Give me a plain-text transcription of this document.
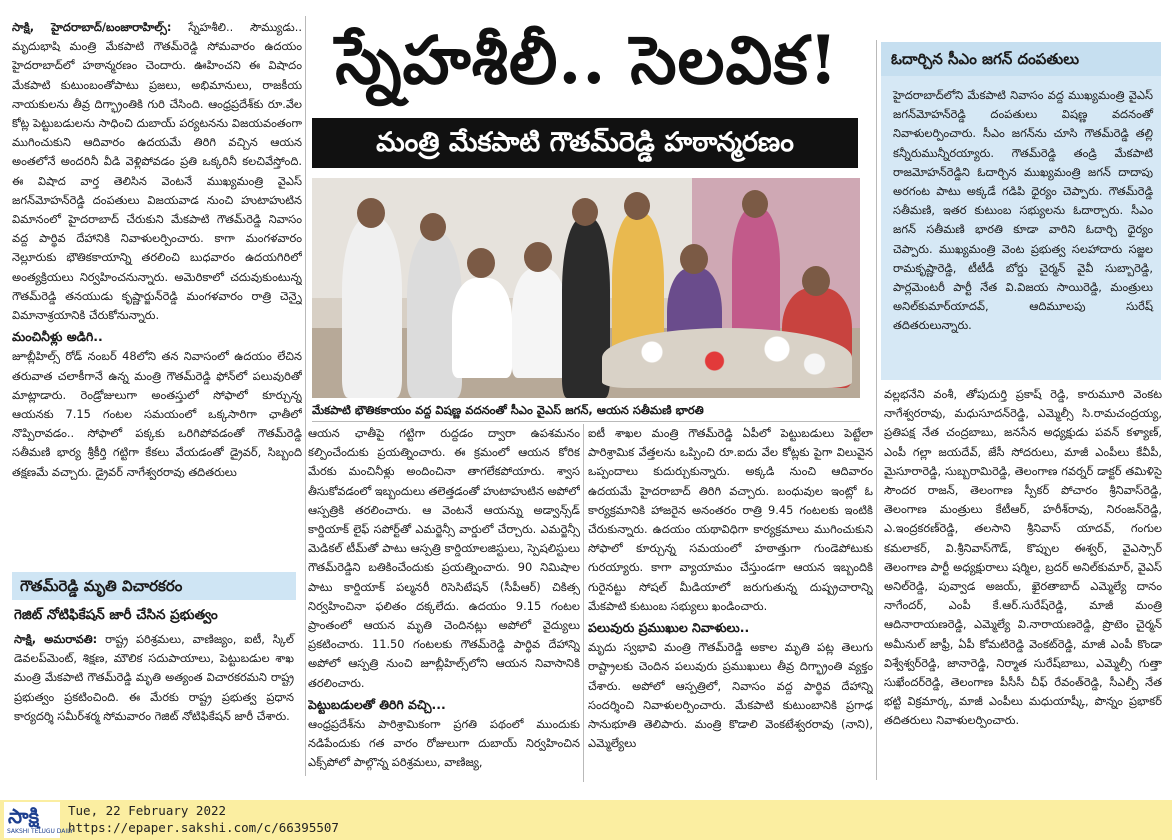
సాక్షి, హైదరాబాద్/బంజారాహిల్స్: స్నేహశీలి.. సౌమ్యుడు.. మృదుభాషి మంత్రి మేకపాటి గౌతమ్‌రెడ్డి సోమవారం ఉదయం హైదరాబాద్‌లో హఠాన్మరణం చెందారు. ఊహించని ఈ విషాదం మేకపాటి కుటుంబంతోపాటు ప్రజలు, అభిమానులు, రాజకీయ నాయకులను తీవ్ర దిగ్భ్రాంతికి గురి చేసింది. ఆంధ్రప్రదేశ్‌కు రూ.వేల కోట్ల పెట్టుబడులను సాధించి దుబాయ్ పర్యటనను విజయవంతంగా ముగించుకుని ఆదివారం ఉదయమే తిరిగి వచ్చిన ఆయన అంతలోనే అందరినీ వీడి వెళ్లిపోవడం ప్రతి ఒక్కరినీ కలచివేస్తోంది. ఈ విషాద వార్త తెలిసిన వెంటనే ముఖ్యమంత్రి వైఎస్ జగన్‌మోహన్‌రెడ్డి దంపతులు విజయవాడ నుంచి హుటాహుటిన విమానంలో హైదరాబాద్ చేరుకుని మేకపాటి గౌతమ్‌రెడ్డి నివాసం వద్ద పార్థివ దేహానికి నివాళులర్పించారు. కాగా మంగళవారం నెల్లూరుకు భౌతికకాయాన్ని తరలించి బుధవారం ఉదయగిరిలో అంత్యక్రియలు నిర్వహించనున్నారు. అమెరికాలో చదువుకుంటున్న గౌతమ్‌రెడ్డి తనయుడు కృష్ణార్జున్‌రెడ్డి మంగళవారం రాత్రి చెన్నై విమానాశ్రయానికి చేరుకోనున్నారు.

మంచినీళ్లు అడిగి..

జూబ్లీహిల్స్ రోడ్ నంబర్ 48లోని తన నివాసంలో ఉదయం లేచిన తరువాత చలాకీగానే ఉన్న మంత్రి గౌతమ్‌రెడ్డి ఫోన్‌లో పలువురితో మాట్లాడారు. రెండ్రోజులుగా అంతస్తులో సోఫాలో కూర్చున్న ఆయనకు 7.15 గంటల సమయంలో ఒక్కసారిగా ఛాతీలో నొప్పిరావడం.. సోఫాలో పక్కకు ఒరిగిపోవడంతో గౌతమ్‌రెడ్డి సతీమణి భార్య శ్రీకీర్తి గట్టిగా కేకలు వేయడంతో డ్రైవర్, సిబ్బంది తక్షణమే వచ్చారు. డ్రైవర్ నాగేశ్వరరావు తదితరులు

గౌతమ్‌రెడ్డి మృతి విచారకరం
గెజిట్ నోటిఫికేషన్ జారీ చేసిన ప్రభుత్వం
సాక్షి, అమరావతి: రాష్ట్ర పరిశ్రమలు, వాణిజ్యం, ఐటీ, స్కిల్ డెవలప్‌మెంట్, శిక్షణ, మౌలిక సదుపాయాలు, పెట్టుబడుల శాఖ మంత్రి మేకపాటి గౌతమ్‌రెడ్డి మృతి అత్యంత విచారకరమని రాష్ట్ర ప్రభుత్వం ప్రకటించింది. ఈ మేరకు రాష్ట్ర ప్రభుత్వ ప్రధాన కార్యదర్శి సమీర్‌శర్మ సోమవారం గెజిట్ నోటిఫికేషన్ జారీ చేశారు.
స్నేహశీలీ.. సెలవిక!
మంత్రి మేకపాటి గౌతమ్‌రెడ్డి హఠాన్మరణం
మేకపాటి భౌతికకాయం వద్ద విషణ్ణ వదనంతో సీఎం వైఎస్ జగన్, ఆయన సతీమణి భారతి

ఆయన ఛాతీపై గట్టిగా రుద్దడం ద్వారా ఉపశమనం కల్పించేందుకు ప్రయత్నించారు. ఈ క్రమంలో ఆయన కోరిక మేరకు మంచినీళ్లు అందించినా తాగలేకపోయారు. శ్వాస తీసుకోవడంలో ఇబ్బందులు తలెత్తడంతో హుటాహుటిన అపోలో ఆస్పత్రికి తరలించారు. ఆ వెంటనే ఆయన్ను అడ్వాన్స్‌డ్ కార్డియాక్ లైఫ్ సపోర్ట్‌తో ఎమర్జెన్సీ వార్డులో చేర్చారు. ఎమర్జెన్సీ మెడికల్ టీమ్‌తో పాటు ఆస్పత్రి కార్డియాలజిస్టులు, స్పెషలిస్టులు గౌతమ్‌రెడ్డిని బతికించేందుకు ప్రయత్నించారు. 90 నిమిషాల పాటు కార్డియాక్ పల్మనరీ రిసెసిటేషన్ (సీపీఆర్) చికిత్స నిర్వహించినా ఫలితం దక్కలేదు. ఉదయం 9.15 గంటల ప్రాంతంలో ఆయన మృతి చెందినట్లు అపోలో వైద్యులు ప్రకటించారు. 11.50 గంటలకు గౌతమ్‌రెడ్డి పార్థివ దేహాన్ని అపోలో ఆస్పత్రి నుంచి జూబ్లీహిల్స్‌లోని ఆయన నివాసానికి తరలించారు.

పెట్టుబడులతో తిరిగి వచ్చి...

ఆంధ్రప్రదేశ్‌ను పారిశ్రామికంగా ప్రగతి పథంలో ముందుకు నడిపేందుకు గత వారం రోజులుగా దుబాయ్ నిర్వహించిన ఎక్స్‌పోలో పాల్గొన్న పరిశ్రమలు, వాణిజ్య,

ఐటీ శాఖల మంత్రి గౌతమ్‌రెడ్డి ఏపీలో పెట్టుబడులు పెట్టేలా పారిశ్రామిక వేత్తలను ఒప్పించి రూ.ఐదు వేల కోట్లకు పైగా విలువైన ఒప్పందాలు కుదుర్చుకున్నారు. అక్కడి నుంచి ఆదివారం ఉదయమే హైదరాబాద్ తిరిగి వచ్చారు. బంధువుల ఇంట్లో ఓ కార్యక్రమానికి హాజరైన అనంతరం రాత్రి 9.45 గంటలకు ఇంటికి చేరుకున్నారు. ఉదయం యథావిధిగా కార్యక్రమాలు ముగించుకుని సోఫాలో కూర్చున్న సమయంలో హఠాత్తుగా గుండెపోటుకు గురయ్యారు. కాగా వ్యాయామం చేస్తుండగా ఆయన ఇబ్బందికి గురైనట్టు సోషల్ మీడియాలో జరుగుతున్న దుష్ప్రచారాన్ని మేకపాటి కుటుంబ సభ్యులు ఖండించారు.

పలువురు ప్రముఖుల నివాళులు..

మృదు స్వభావి మంత్రి గౌతమ్‌రెడ్డి అకాల మృతి పట్ల తెలుగు రాష్ట్రాలకు చెందిన పలువురు ప్రముఖులు తీవ్ర దిగ్భ్రాంతి వ్యక్తం చేశారు. అపోలో ఆస్పత్రిలో, నివాసం వద్ద పార్థివ దేహాన్ని సందర్శించి నివాళులర్పించారు. మేకపాటి కుటుంబానికి ప్రగాఢ సానుభూతి తెలిపారు. మంత్రి కొడాలి వెంకటేశ్వరరావు (నాని), ఎమ్మెల్యేలు

ఓదార్చిన సీఎం జగన్ దంపతులు
హైదరాబాద్‌లోని మేకపాటి నివాసం వద్ద ముఖ్యమంత్రి వైఎస్ జగన్‌మోహన్‌రెడ్డి దంపతులు విషణ్ణ వదనంతో నివాళులర్పించారు. సీఎం జగన్‌ను చూసి గౌతమ్‌రెడ్డి తల్లి కన్నీరుమున్నీరయ్యారు. గౌతమ్‌రెడ్డి తండ్రి మేకపాటి రాజమోహన్‌రెడ్డిని ఓదార్చిన ముఖ్యమంత్రి జగన్ దాదాపు అరగంట పాటు అక్కడే గడిపి ధైర్యం చెప్పారు. గౌతమ్‌రెడ్డి సతీమణి, ఇతర కుటుంబ సభ్యులను ఓదార్చారు. సీఎం జగన్ సతీమణి భారతి కూడా వారిని ఓదార్చి ధైర్యం చెప్పారు. ముఖ్యమంత్రి వెంట ప్రభుత్వ సలహాదారు సజ్జల రామకృష్ణారెడ్డి, టీటీడీ బోర్డు చైర్మన్ వైవీ సుబ్బారెడ్డి, పార్లమెంటరీ పార్టీ నేత వి.విజయ సాయిరెడ్డి, మంత్రులు అనిల్‌కుమార్‌యాదవ్, ఆదిమూలపు సురేష్ తదితరులున్నారు.

వల్లభనేని వంశీ, తోపుదుర్తి ప్రకాష్ రెడ్డి, కారుమూరి వెంకట నాగేశ్వరరావు, మధుసూదన్‌రెడ్డి, ఎమ్మెల్సీ సి.రామచంద్రయ్య, ప్రతిపక్ష నేత చంద్రబాబు, జనసేన అధ్యక్షుడు పవన్ కళ్యాణ్, ఎంపీ గల్లా జయదేవ్, జేసీ సోదరులు, మాజీ ఎంపీలు కేవీపీ, మైసూరారెడ్డి, సుబ్బరామిరెడ్డి, తెలంగాణ గవర్నర్ డాక్టర్ తమిళిసై సౌందర రాజన్, తెలంగాణ స్పీకర్ పోచారం శ్రీనివాస్‌రెడ్డి, తెలంగాణ మంత్రులు కేటీఆర్, హరీశ్‌రావు, నిరంజన్‌రెడ్డి, ఎ.ఇంద్రకరణ్‌రెడ్డి, తలసాని శ్రీనివాస్ యాదవ్, గంగుల కమలాకర్, వి.శ్రీనివాస్‌గౌడ్, కొప్పుల ఈశ్వర్, వైఎస్సార్ తెలంగాణ పార్టీ అధ్యక్షురాలు షర్మిల, బ్రదర్ అనిల్‌కుమార్, వైఎస్ అనిల్‌రెడ్డి, పువ్వాడ అజయ్, ఖైరతాబాద్ ఎమ్మెల్యే దానం నాగేందర్, ఎంపీ కే.ఆర్.సురేష్‌రెడ్డి, మాజీ మంత్రి ఆదినారాయణరెడ్డి, ఎమ్మెల్యే వి.నారాయణరెడ్డి, ప్రొటెం చైర్మన్ అమీనుల్ జాఫ్రీ, ఏపీ కోమటిరెడ్డి వెంకట్‌రెడ్డి, మాజీ ఎంపీ కొండా విశ్వేశ్వర్‌రెడ్డి, జానారెడ్డి, నిర్మాత సురేష్‌బాబు, ఎమ్మెల్సీ గుత్తా సుఖేందర్‌రెడ్డి, తెలంగాణ పీసీసీ చీఫ్ రేవంత్‌రెడ్డి, సీఎల్పీ నేత భట్టి విక్రమార్క, మాజీ ఎంపీలు మధుయాష్కీ, పొన్నం ప్రభాకర్ తదితరులు నివాళులర్పించారు.

సాక్షి
SAKSHI TELUGU DAILY
Tue, 22 February 2022
https://epaper.sakshi.com/c/66395507
